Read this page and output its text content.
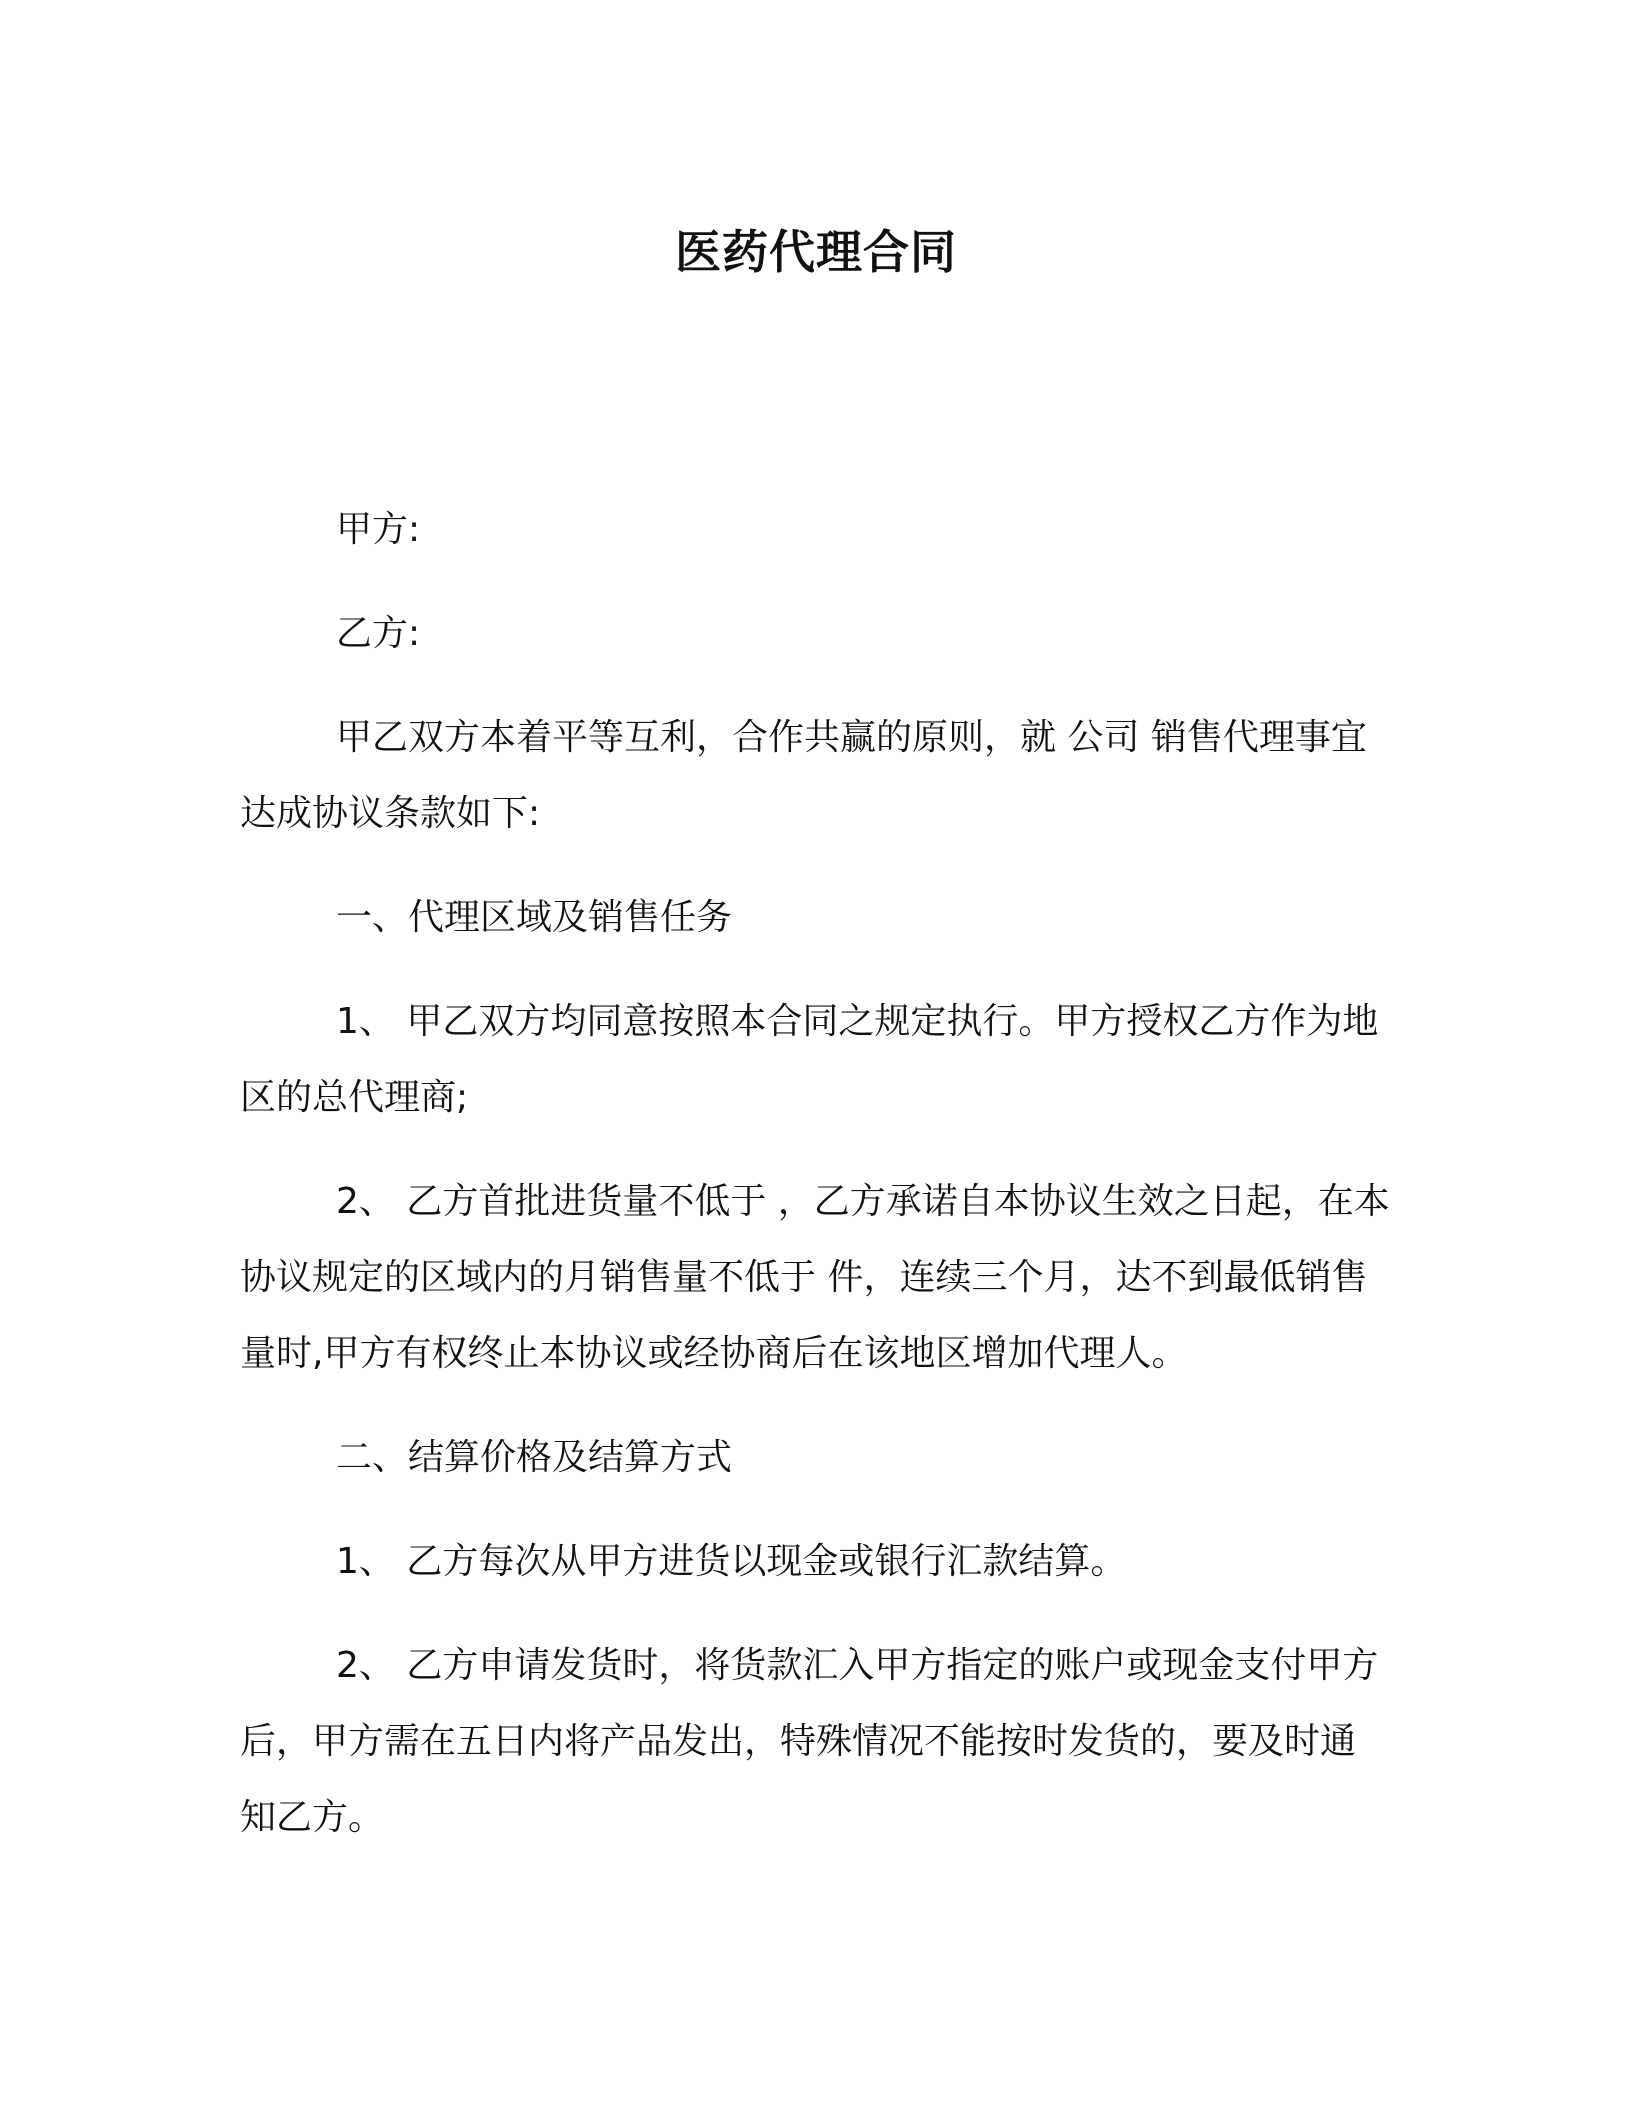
医药代理合同

甲方:

乙方:

甲乙双方本着平等互利，合作共赢的原则，就 公司 销售代理事宜达成协议条款如下:

一、代理区域及销售任务

1、 甲乙双方均同意按照本合同之规定执行。甲方授权乙方作为地区的总代理商;

2、 乙方首批进货量不低于 ，乙方承诺自本协议生效之日起，在本协议规定的区域内的月销售量不低于 件，连续三个月，达不到最低销售量时,甲方有权终止本协议或经协商后在该地区增加代理人。

二、结算价格及结算方式

1、 乙方每次从甲方进货以现金或银行汇款结算。

2、 乙方申请发货时，将货款汇入甲方指定的账户或现金支付甲方后，甲方需在五日内将产品发出，特殊情况不能按时发货的，要及时通知乙方。
